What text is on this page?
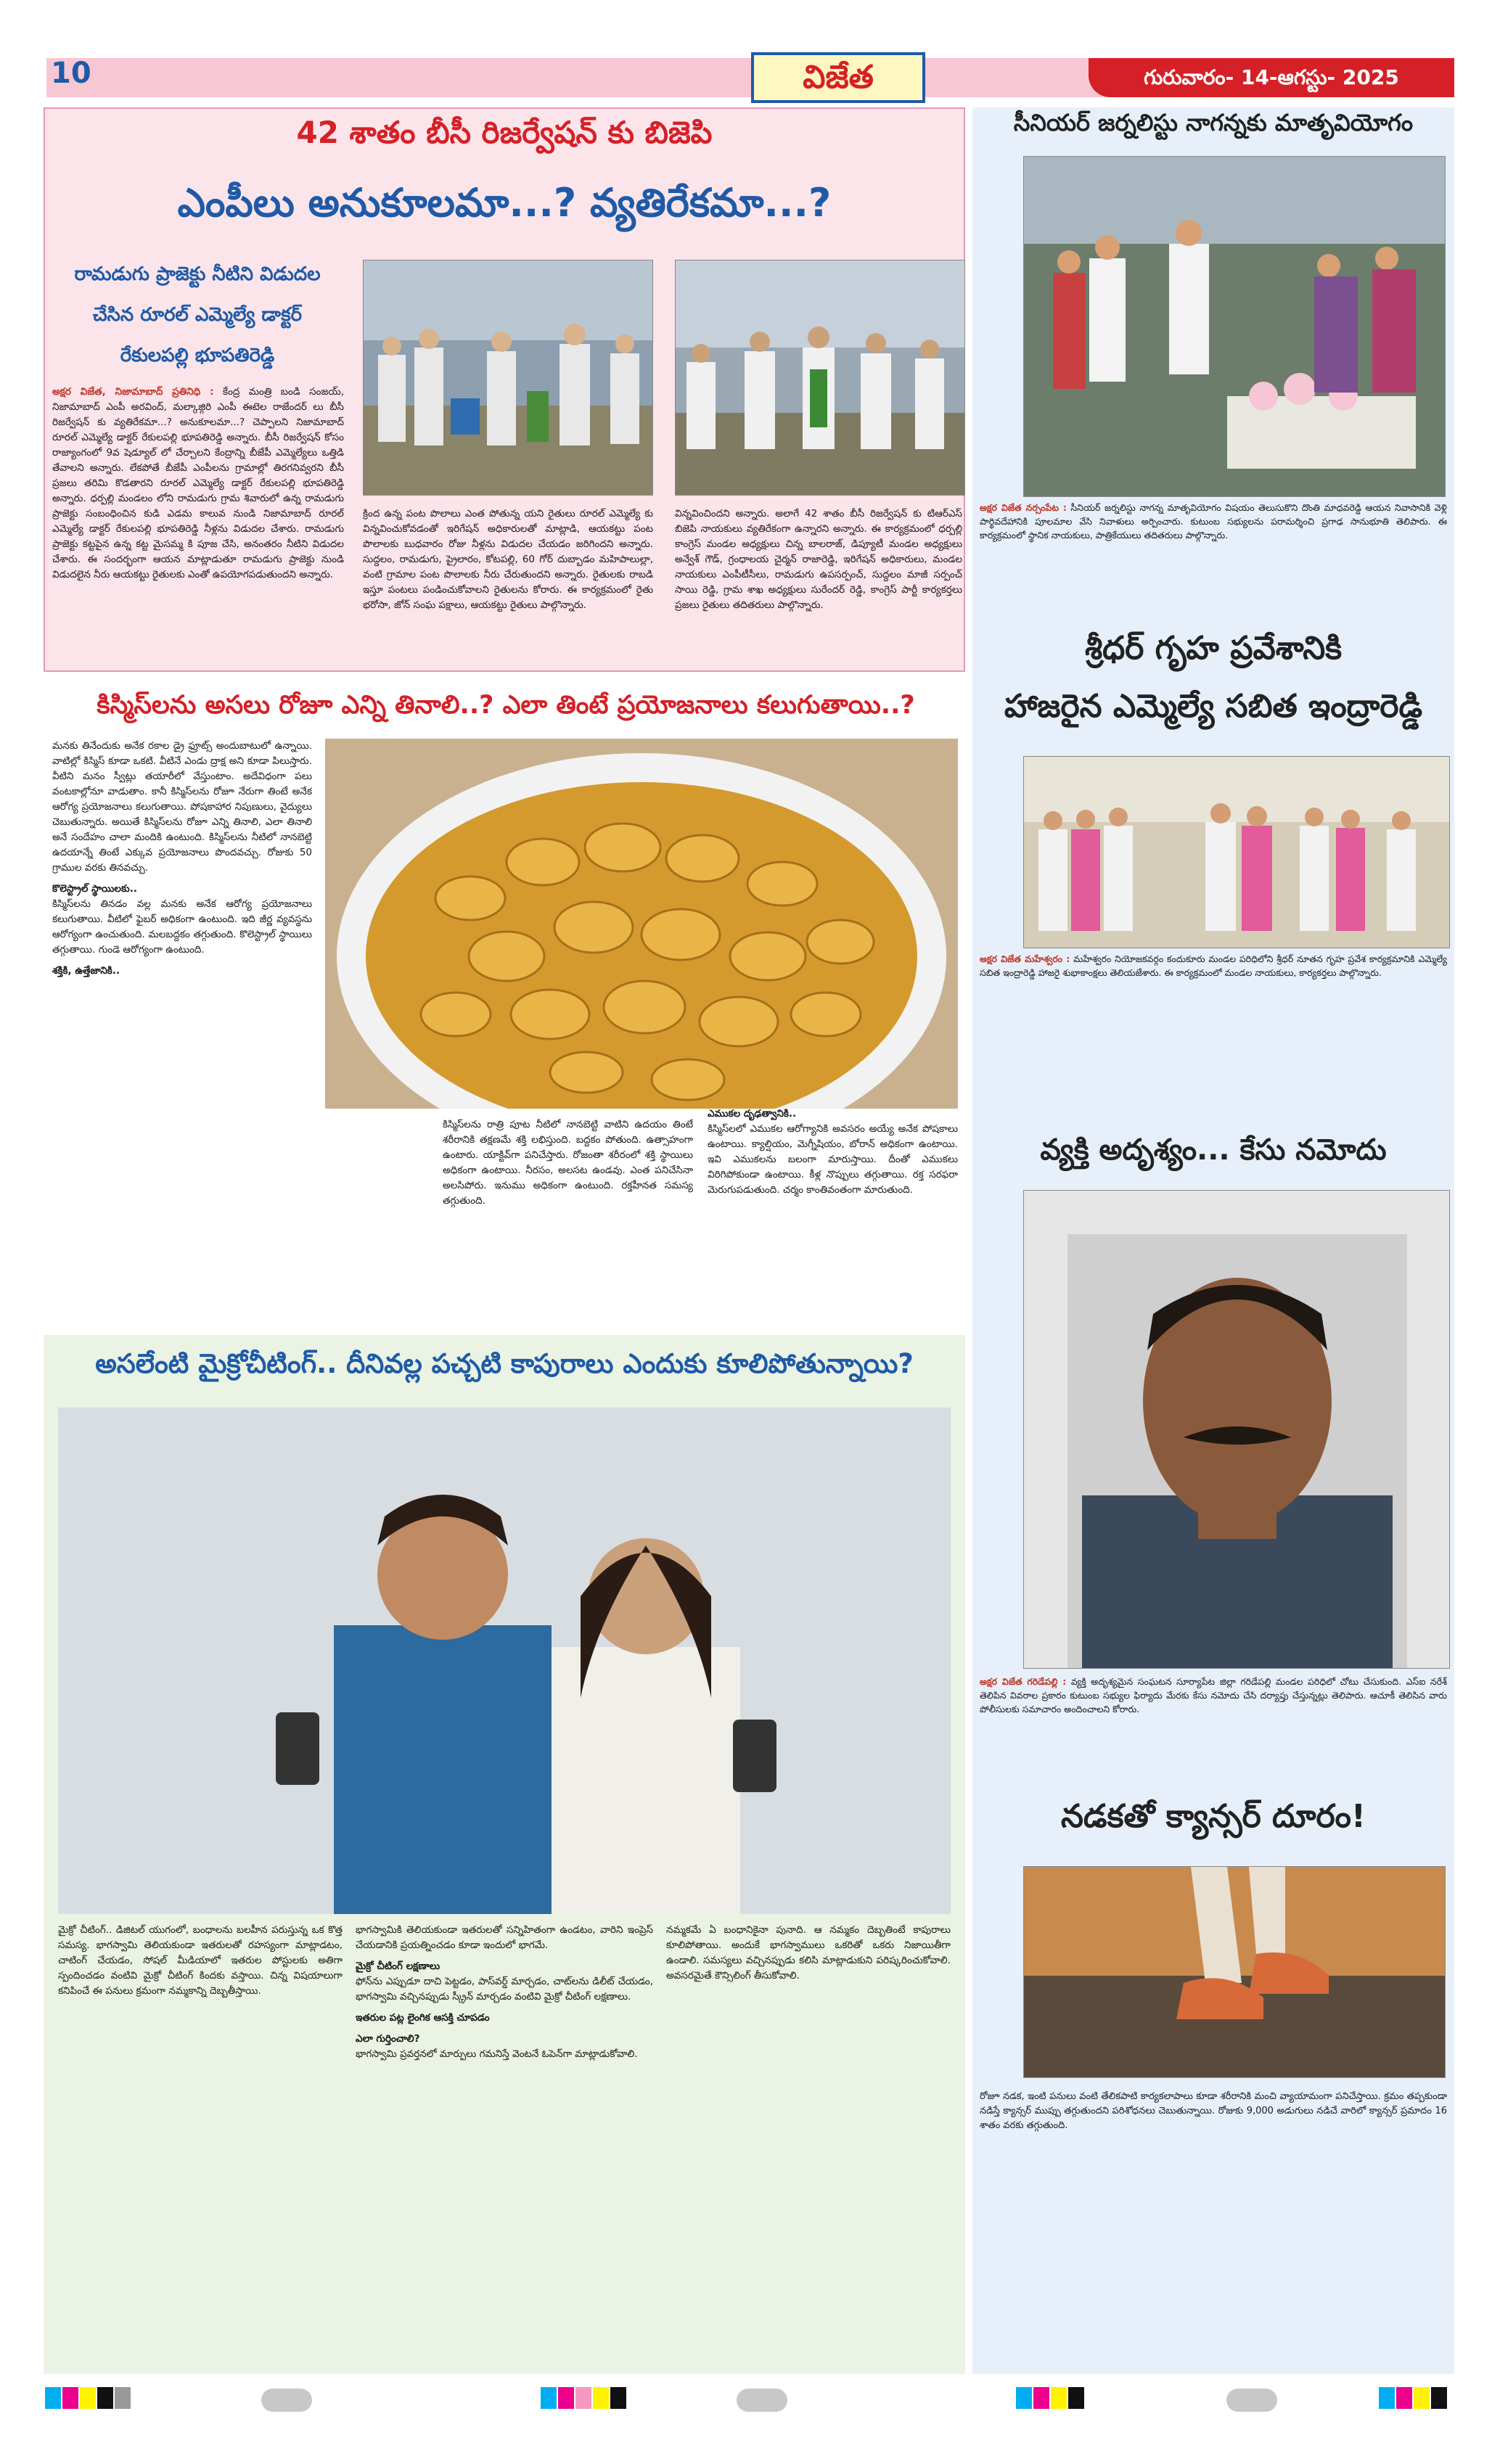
10	విజేత	గురువారం- 14-ఆగస్టు- 2025
42 శాతం బీసీ రిజర్వేషన్ కు బిజెపి
ఎంపీలు అనుకూలమా...? వ్యతిరేకమా...?
రామడుగు ప్రాజెక్టు నీటిని విడుదల
చేసిన రూరల్ ఎమ్మెల్యే డాక్టర్
రేకులపల్లి భూపతిరెడ్డి
అక్షర విజేత, నిజామాబాద్ ప్రతినిధి : కేంద్ర మంత్రి బండి సంజయ్, నిజామాబాద్ ఎంపీ అరవింద్, మల్కాజ్గిరి ఎంపీ ఈటెల రాజేందర్ లు బీసీ రిజర్వేషన్ కు వ్యతిరేకమా...? అనుకూలమా...? చెప్పాలని నిజామాబాద్ రూరల్ ఎమ్మెల్యే డాక్టర్ రేకులపల్లి భూపతిరెడ్డి అన్నారు. బీసీ రిజర్వేషన్ కోసం రాజ్యాంగంలో 9వ షెడ్యూల్ లో చేర్చాలని కేంద్రాన్ని బీజేపీ ఎమ్మెల్యేలు ఒత్తిడి తేవాలని అన్నారు. లేకపోతే బీజేపీ ఎంపీలను గ్రామాల్లో తిరగనివ్వరని బీసీ ప్రజలు తరిమి కొడతారని రూరల్ ఎమ్మెల్యే డాక్టర్ రేకులపల్లి భూపతిరెడ్డి అన్నారు. ధర్పల్లి మండలం లోని రామడుగు గ్రామ శివారులో ఉన్న రామడుగు ప్రాజెక్టు సంబంధించిన కుడి ఎడమ కాలువ నుండి నిజామాబాద్ రూరల్ ఎమ్మెల్యే డాక్టర్ రేకులపల్లి భూపతిరెడ్డి నీళ్లను విడుదల చేశారు. రామడుగు ప్రాజెక్టు కట్టపైన ఉన్న కట్ట మైసమ్మ కి పూజ చేసి, అనంతరం నీటిని విడుదల చేశారు. ఈ సందర్భంగా ఆయన మాట్లాడుతూ రామడుగు ప్రాజెక్టు నుండి విడుదలైన నీరు ఆయకట్టు రైతులకు ఎంతో ఉపయోగపడుతుందని అన్నారు.
క్రింద ఉన్న పంట పొలాలు ఎంత పోతున్న యని రైతులు రూరల్ ఎమ్మెల్యే కు విన్నవించుకోవడంతో ఇరిగేషన్ అధికారులతో మాట్లాడి, ఆయకట్టు పంట పొలాలకు బుధవారం రోజు నీళ్లను విడుదల చేయడం జరిగిందని అన్నారు. సుద్దలం, రామడుగు, ప్రైలారం, కోటపల్లి, 60 గోర్ దుబ్బాడం మహిపాలుల్లా, వంటి గ్రామాల పంట పొలాలకు నీరు చేరుతుందని అన్నారు. రైతులకు రాబడి ఇస్తూ పంటలు పండించుకోవాలని రైతులను కోరారు. ఈ కార్యక్రమంలో రైతు భరోసా, జోన్ సంఘ పక్షాలు, ఆయకట్టు రైతులు పాల్గొన్నారు.
విన్నవించిందని అన్నారు. అలాగే 42 శాతం బీసీ రిజర్వేషన్ కు టిఆర్ఎస్ బిజెపి నాయకులు వ్యతిరేకంగా ఉన్నారని అన్నారు. ఈ కార్యక్రమంలో ధర్పల్లి కాంగ్రెస్ మండల అధ్యక్షులు చిన్న బాలరాజ్, డిప్యూటీ మండల అధ్యక్షులు అన్వేశ్ గౌడ్, గ్రంధాలయ చైర్మన్ రాజారెడ్డి, ఇరిగేషన్ అధికారులు, మండల నాయకులు ఎంపీటీసీలు, రామడుగు ఉపసర్పంచ్, సుద్దలం మాజీ సర్పంచ్ సాయి రెడ్డి, గ్రామ శాఖ అధ్యక్షులు సురేందర్ రెడ్డి, కాంగ్రెస్ పార్టీ కార్యకర్తలు ప్రజలు రైతులు తదితరులు పాల్గొన్నారు.
కిస్మిస్‌లను అసలు రోజూ ఎన్ని తినాలి..? ఎలా తింటే ప్రయోజనాలు కలుగుతాయి..?
మనకు తినేందుకు అనేక రకాల డ్రై ఫ్రూట్స్ అందుబాటులో ఉన్నాయి. వాటిల్లో కిస్మిస్ కూడా ఒకటి. వీటినే ఎండు ద్రాక్ష అని కూడా పిలుస్తారు. వీటిని మనం స్వీట్లు తయారీలో వేస్తుంటాం. అదేవిధంగా పలు వంటకాల్లోనూ వాడుతాం. కానీ కిస్మిస్‌లను రోజూ నేరుగా తింటే అనేక ఆరోగ్య ప్రయోజనాలు కలుగుతాయి. పోషకాహార నిపుణులు, వైద్యులు చెబుతున్నారు. అయితే కిస్మిస్‌లను రోజూ ఎన్ని తినాలి, ఎలా తినాలి అనే సందేహం చాలా మందికి ఉంటుంది. కిస్మిస్‌లను నీటిలో నానబెట్టి ఉదయాన్నే తింటే ఎక్కువ ప్రయోజనాలు పొందవచ్చు. రోజుకు 50 గ్రాముల వరకు తినవచ్చు.
కొలెస్ట్రాల్ స్థాయిలకు..
కిస్మిస్‌లను తినడం వల్ల మనకు అనేక ఆరోగ్య ప్రయోజనాలు కలుగుతాయి. వీటిలో ఫైబర్ అధికంగా ఉంటుంది. ఇది జీర్ణ వ్యవస్థను ఆరోగ్యంగా ఉంచుతుంది. మలబద్దకం తగ్గుతుంది. కొలెస్ట్రాల్ స్థాయిలు తగ్గుతాయి. గుండె ఆరోగ్యంగా ఉంటుంది.
శక్తికి, ఉత్తేజానికి..
కిస్మిస్‌లను రాత్రి పూట నీటిలో నానబెట్టి వాటిని ఉదయం తింటే శరీరానికి తక్షణమే శక్తి లభిస్తుంది. బద్దకం పోతుంది. ఉత్సాహంగా ఉంటారు. యాక్టివ్‌గా పనిచేస్తారు. రోజంతా శరీరంలో శక్తి స్థాయిలు అధికంగా ఉంటాయి. నీరసం, అలసట ఉండవు. ఎంత పనిచేసినా అలసిపోరు. ఇనుము అధికంగా ఉంటుంది. రక్తహీనత సమస్య తగ్గుతుంది.
ఎముకల దృఢత్వానికి..
కిస్మిస్‌లలో ఎముకల ఆరోగ్యానికి అవసరం అయ్యే అనేక పోషకాలు ఉంటాయి. క్యాల్షియం, మెగ్నీషియం, బోరాన్ అధికంగా ఉంటాయి. ఇవి ఎముకలను బలంగా మారుస్తాయి. దీంతో ఎముకలు విరిగిపోకుండా ఉంటాయి. కీళ్ల నొప్పులు తగ్గుతాయి. రక్త సరఫరా మెరుగుపడుతుంది. చర్మం కాంతివంతంగా మారుతుంది.
అసలేంటి మైక్రోచీటింగ్.. దీనివల్ల పచ్చటి కాపురాలు ఎందుకు కూలిపోతున్నాయి?
మైక్రో చీటింగ్.. డిజిటల్ యుగంలో, బంధాలను బలహీన పరుస్తున్న ఒక కొత్త సమస్య. భాగస్వామి తెలియకుండా ఇతరులతో రహస్యంగా మాట్లాడటం, చాటింగ్ చేయడం, సోషల్ మీడియాలో ఇతరుల పోస్టులకు అతిగా స్పందించడం వంటివి మైక్రో చీటింగ్ కిందకు వస్తాయి. చిన్న విషయాలుగా కనిపించే ఈ పనులు క్రమంగా నమ్మకాన్ని దెబ్బతీస్తాయి.
భాగస్వామికి తెలియకుండా ఇతరులతో సన్నిహితంగా ఉండటం, వారిని ఇంప్రెస్ చేయడానికి ప్రయత్నించడం కూడా ఇందులో భాగమే.
మైక్రో చీటింగ్ లక్షణాలు
ఫోన్‌ను ఎప్పుడూ దాచి పెట్టడం, పాస్‌వర్డ్ మార్చడం, చాట్‌లను డిలీట్ చేయడం, భాగస్వామి వచ్చినప్పుడు స్క్రీన్ మార్చడం వంటివి మైక్రో చీటింగ్ లక్షణాలు.
ఇతరుల పట్ల లైంగిక ఆసక్తి చూపడం
ఎలా గుర్తించాలి?
భాగస్వామి ప్రవర్తనలో మార్పులు గమనిస్తే వెంటనే ఓపెన్‌గా మాట్లాడుకోవాలి.
నమ్మకమే ఏ బంధానికైనా పునాది. ఆ నమ్మకం దెబ్బతింటే కాపురాలు కూలిపోతాయి. అందుకే భాగస్వాములు ఒకరితో ఒకరు నిజాయితీగా ఉండాలి. సమస్యలు వచ్చినప్పుడు కలిసి మాట్లాడుకుని పరిష్కరించుకోవాలి. అవసరమైతే కౌన్సిలింగ్ తీసుకోవాలి.
సీనియర్ జర్నలిస్టు నాగన్నకు మాతృవియోగం
అక్షర విజేత నర్సంపేట : సీనియర్ జర్నలిస్టు నాగన్న మాతృవియోగం విషయం తెలుసుకొని దొంతి మాధవరెడ్డి ఆయన నివాసానికి వెళ్లి పార్థివదేహానికి పూలమాల వేసి నివాళులు అర్పించారు. కుటుంబ సభ్యులను పరామర్శించి ప్రగాఢ సానుభూతి తెలిపారు. ఈ కార్యక్రమంలో స్థానిక నాయకులు, పాత్రికేయులు తదితరులు పాల్గొన్నారు.
శ్రీధర్ గృహ ప్రవేశానికి
హాజరైన ఎమ్మెల్యే సబిత ఇంద్రారెడ్డి
అక్షర విజేత మహేశ్వరం : మహేశ్వరం నియోజకవర్గం కందుకూరు మండల పరిధిలోని శ్రీధర్ నూతన గృహ ప్రవేశ కార్యక్రమానికి ఎమ్మెల్యే సబిత ఇంద్రారెడ్డి హాజరై శుభాకాంక్షలు తెలియజేశారు. ఈ కార్యక్రమంలో మండల నాయకులు, కార్యకర్తలు పాల్గొన్నారు.
వ్యక్తి అదృశ్యం... కేసు నమోదు
అక్షర విజేత గరిడేపల్లి : వ్యక్తి అదృశ్యమైన సంఘటన సూర్యాపేట జిల్లా గరిడేపల్లి మండల పరిధిలో చోటు చేసుకుంది. ఎస్ఐ నరేశ్ తెలిపిన వివరాల ప్రకారం కుటుంబ సభ్యుల ఫిర్యాదు మేరకు కేసు నమోదు చేసి దర్యాప్తు చేస్తున్నట్లు తెలిపారు. ఆచూకీ తెలిసిన వారు పోలీసులకు సమాచారం అందించాలని కోరారు.
నడకతో క్యాన్సర్ దూరం!
రోజూ నడక, ఇంటి పనులు వంటి తేలికపాటి కార్యకలాపాలు కూడా శరీరానికి మంచి వ్యాయామంగా పనిచేస్తాయి. క్రమం తప్పకుండా నడిస్తే క్యాన్సర్ ముప్పు తగ్గుతుందని పరిశోధనలు చెబుతున్నాయి. రోజుకు 9,000 అడుగులు నడిచే వారిలో క్యాన్సర్ ప్రమాదం 16 శాతం వరకు తగ్గుతుంది.
